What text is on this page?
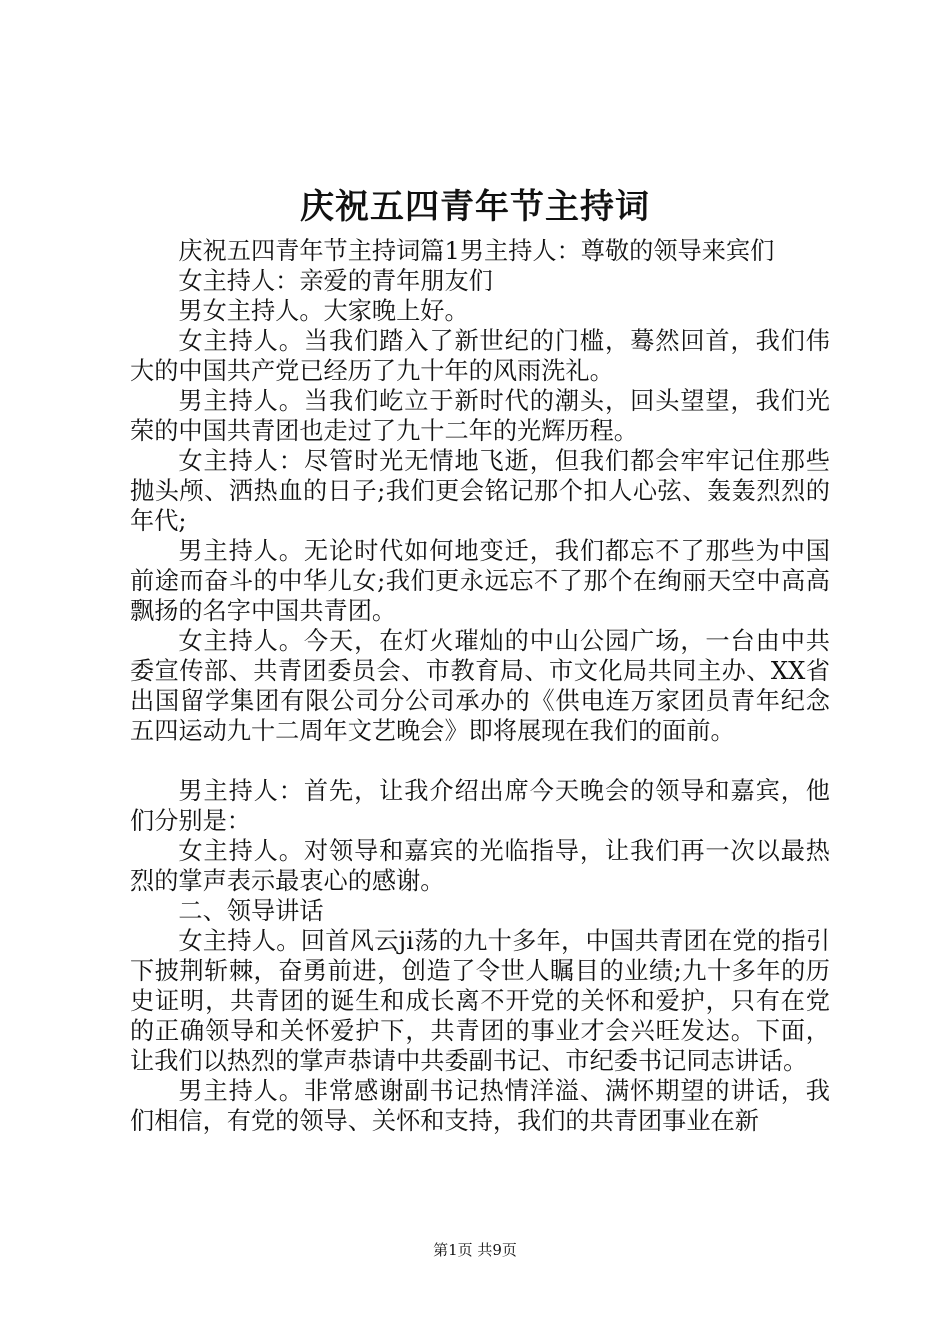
庆祝五四青年节主持词

庆祝五四青年节主持词篇1男主持人：尊敬的领导来宾们

女主持人：亲爱的青年朋友们

男女主持人。大家晚上好。

女主持人。当我们踏入了新世纪的门槛，蓦然回首，我们伟大的中国共产党已经历了九十年的风雨洗礼。

男主持人。当我们屹立于新时代的潮头，回头望望，我们光荣的中国共青团也走过了九十二年的光辉历程。

女主持人：尽管时光无情地飞逝，但我们都会牢牢记住那些抛头颅、洒热血的日子;我们更会铭记那个扣人心弦、轰轰烈烈的年代;

男主持人。无论时代如何地变迁，我们都忘不了那些为中国前途而奋斗的中华儿女;我们更永远忘不了那个在绚丽天空中高高飘扬的名字中国共青团。

女主持人。今天，在灯火璀灿的中山公园广场，一台由中共委宣传部、共青团委员会、市教育局、市文化局共同主办、XX省出国留学集团有限公司分公司承办的《供电连万家团员青年纪念五四运动九十二周年文艺晚会》即将展现在我们的面前。

男主持人：首先，让我介绍出席今天晚会的领导和嘉宾，他们分别是：

女主持人。对领导和嘉宾的光临指导，让我们再一次以最热烈的掌声表示最衷心的感谢。

二、领导讲话

女主持人。回首风云ji荡的九十多年，中国共青团在党的指引下披荆斩棘，奋勇前进，创造了令世人瞩目的业绩;九十多年的历史证明，共青团的诞生和成长离不开党的关怀和爱护，只有在党的正确领导和关怀爱护下，共青团的事业才会兴旺发达。下面，让我们以热烈的掌声恭请中共委副书记、市纪委书记同志讲话。

男主持人。非常感谢副书记热情洋溢、满怀期望的讲话，我们相信，有党的领导、关怀和支持，我们的共青团事业在新

第1页 共9页
